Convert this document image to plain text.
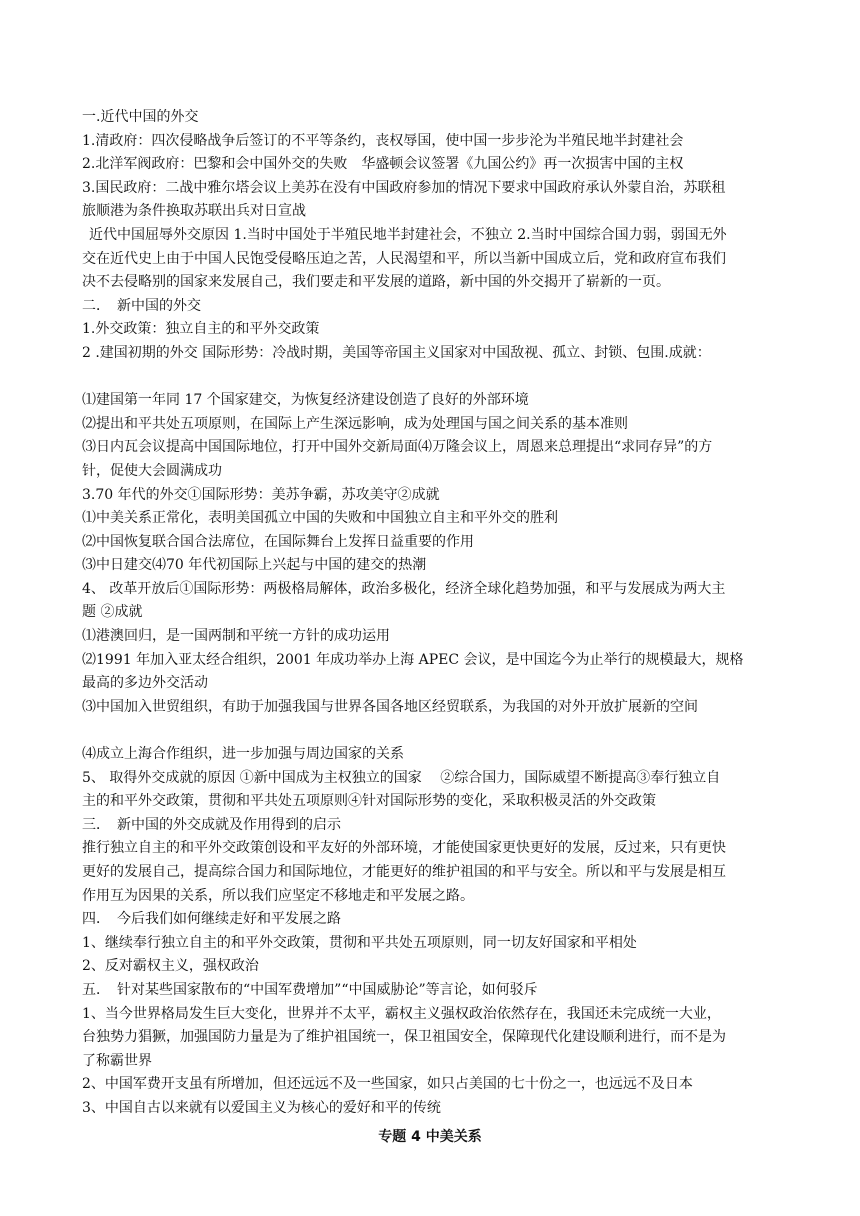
一.近代中国的外交
1.清政府：四次侵略战争后签订的不平等条约，丧权辱国，使中国一步步沦为半殖民地半封建社会
2.北洋军阀政府：巴黎和会中国外交的失败　华盛顿会议签署《九国公约》再一次损害中国的主权
3.国民政府：二战中雅尔塔会议上美苏在没有中国政府参加的情况下要求中国政府承认外蒙自治，苏联租
旅顺港为条件换取苏联出兵对日宣战
近代中国屈辱外交原因 1.当时中国处于半殖民地半封建社会，不独立 2.当时中国综合国力弱，弱国无外
交在近代史上由于中国人民饱受侵略压迫之苦，人民渴望和平，所以当新中国成立后，党和政府宣布我们
决不去侵略别的国家来发展自己，我们要走和平发展的道路，新中国的外交揭开了崭新的一页。
二．　新中国的外交
1.外交政策：独立自主的和平外交政策
2 .建国初期的外交 国际形势：冷战时期，美国等帝国主义国家对中国敌视、孤立、封锁、包围.成就：
⑴建国第一年同 17 个国家建交，为恢复经济建设创造了良好的外部环境
⑵提出和平共处五项原则，在国际上产生深远影响，成为处理国与国之间关系的基本准则
⑶日内瓦会议提高中国国际地位，打开中国外交新局面⑷万隆会议上，周恩来总理提出“求同存异”的方
针，促使大会圆满成功
3.70 年代的外交①国际形势：美苏争霸，苏攻美守②成就
⑴中美关系正常化，表明美国孤立中国的失败和中国独立自主和平外交的胜利
⑵中国恢复联合国合法席位，在国际舞台上发挥日益重要的作用
⑶中日建交⑷70 年代初国际上兴起与中国的建交的热潮
4、 改革开放后①国际形势：两极格局解体，政治多极化，经济全球化趋势加强，和平与发展成为两大主
题 ②成就
⑴港澳回归，是一国两制和平统一方针的成功运用
⑵1991 年加入亚太经合组织，2001 年成功举办上海 APEC 会议，是中国迄今为止举行的规模最大，规格
最高的多边外交活动
⑶中国加入世贸组织，有助于加强我国与世界各国各地区经贸联系，为我国的对外开放扩展新的空间
⑷成立上海合作组织，进一步加强与周边国家的关系
5、 取得外交成就的原因 ①新中国成为主权独立的国家 　②综合国力，国际威望不断提高③奉行独立自
主的和平外交政策，贯彻和平共处五项原则④针对国际形势的变化，采取积极灵活的外交政策
三．　新中国的外交成就及作用得到的启示
推行独立自主的和平外交政策创设和平友好的外部环境，才能使国家更快更好的发展，反过来，只有更快
更好的发展自己，提高综合国力和国际地位，才能更好的维护祖国的和平与安全。所以和平与发展是相互
作用互为因果的关系，所以我们应坚定不移地走和平发展之路。
四．　今后我们如何继续走好和平发展之路
1、继续奉行独立自主的和平外交政策，贯彻和平共处五项原则，同一切友好国家和平相处
2、反对霸权主义，强权政治
五．　针对某些国家散布的“中国军费增加”“中国威胁论”等言论，如何驳斥
1、当今世界格局发生巨大变化，世界并不太平，霸权主义强权政治依然存在，我国还未完成统一大业，
台独势力猖獗，加强国防力量是为了维护祖国统一，保卫祖国安全，保障现代化建设顺利进行，而不是为
了称霸世界
2、中国军费开支虽有所增加，但还远远不及一些国家，如只占美国的七十份之一，也远远不及日本
3、中国自古以来就有以爱国主义为核心的爱好和平的传统
专题 4 中美关系
